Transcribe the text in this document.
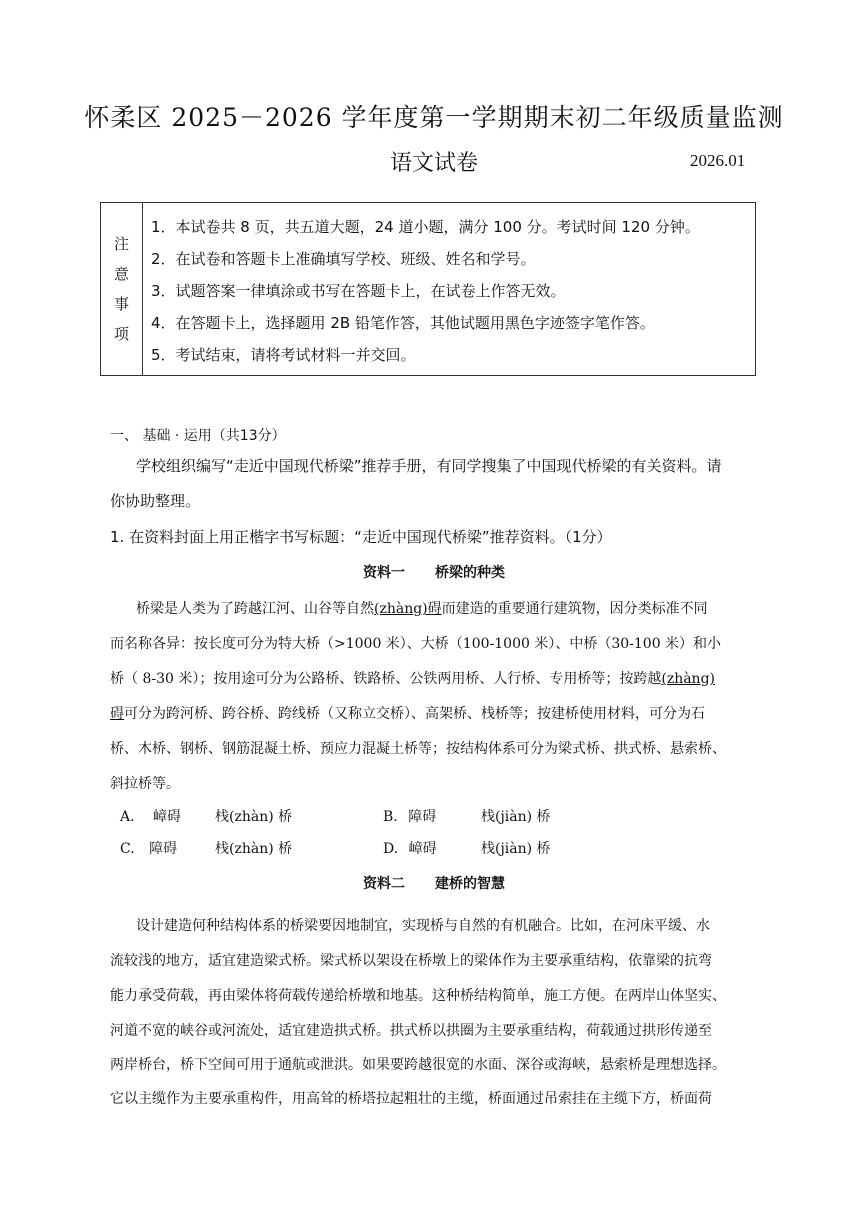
怀柔区 2025－2026 学年度第一学期期末初二年级质量监测
语文试卷	2026.01
注
意
事
项
1．本试卷共 8 页，共五道大题，24 道小题，满分 100 分。考试时间 120 分钟。
2．在试卷和答题卡上准确填写学校、班级、姓名和学号。
3．试题答案一律填涂或书写在答题卡上，在试卷上作答无效。
4．在答题卡上，选择题用 2B 铅笔作答，其他试题用黑色字迹签字笔作答。
5．考试结束，请将考试材料一并交回。
一、 基础 · 运用（共13分）
学校组织编写“走近中国现代桥梁”推荐手册，有同学搜集了中国现代桥梁的有关资料。请
你协助整理。
1. 在资料封面上用正楷字书写标题：“走近中国现代桥梁”推荐资料。（1分）
资料一 桥梁的种类
桥梁是人类为了跨越江河、山谷等自然(zhàng)碍而建造的重要通行建筑物，因分类标准不同
而名称各异：按长度可分为特大桥（>1000 米）、大桥（100-1000 米）、中桥（30-100 米）和小
桥（ 8-30 米）；按用途可分为公路桥、铁路桥、公铁两用桥、人行桥、专用桥等；按跨越(zhàng)
碍可分为跨河桥、跨谷桥、跨线桥（又称立交桥）、高架桥、栈桥等；按建桥使用材料，可分为石
桥、木桥、钢桥、钢筋混凝土桥、预应力混凝土桥等；按结构体系可分为梁式桥、拱式桥、悬索桥、
斜拉桥等。
A. 嶂碍 栈(zhàn) 桥	B. 障碍	栈(jiàn) 桥
C. 障碍	栈(zhàn) 桥	D. 嶂碍	栈(jiàn) 桥
资料二 建桥的智慧
设计建造何种结构体系的桥梁要因地制宜，实现桥与自然的有机融合。比如，在河床平缓、水
流较浅的地方，适宜建造梁式桥。梁式桥以架设在桥墩上的梁体作为主要承重结构，依靠梁的抗弯
能力承受荷载，再由梁体将荷载传递给桥墩和地基。这种桥结构简单，施工方便。在两岸山体坚实、
河道不宽的峡谷或河流处，适宜建造拱式桥。拱式桥以拱圈为主要承重结构，荷载通过拱形传递至
两岸桥台，桥下空间可用于通航或泄洪。如果要跨越很宽的水面、深谷或海峡，悬索桥是理想选择。
它以主缆作为主要承重构件，用高耸的桥塔拉起粗壮的主缆，桥面通过吊索挂在主缆下方，桥面荷
